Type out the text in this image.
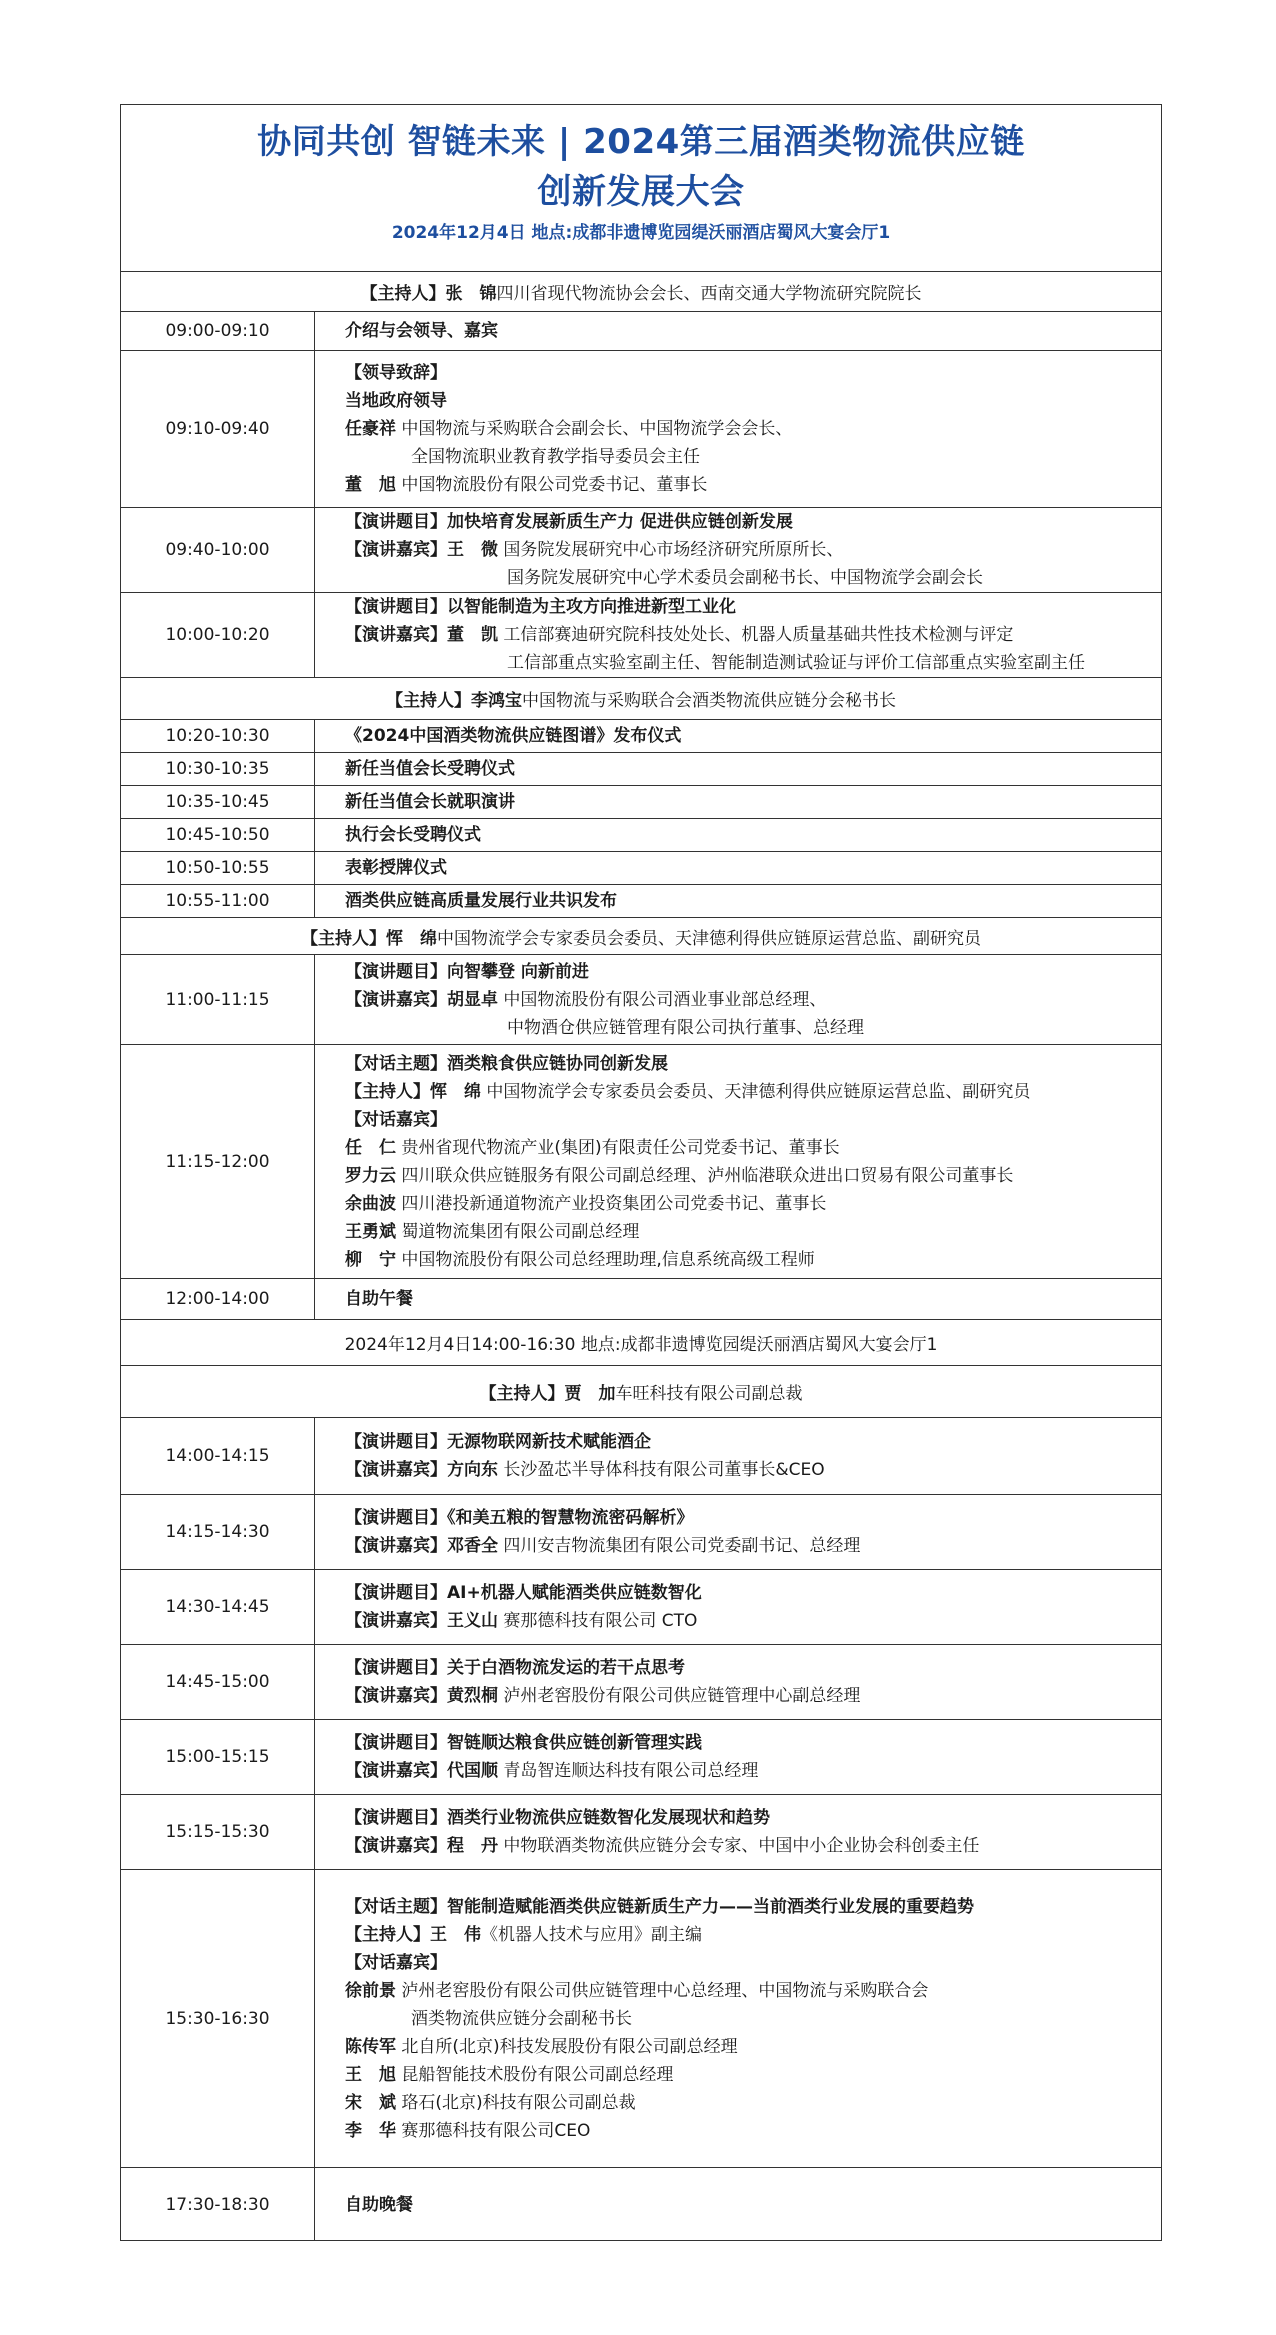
协同共创 智链未来 | 2024第三届酒类物流供应链
创新发展大会
2024年12月4日 地点:成都非遗博览园缇沃丽酒店蜀风大宴会厅1
【主持人】张　锦 四川省现代物流协会会长、西南交通大学物流研究院院长
09:00-09:10	介绍与会领导、嘉宾
09:10-09:40
【领导致辞】
当地政府领导
任豪祥 中国物流与采购联合会副会长、中国物流学会会长、
全国物流职业教育教学指导委员会主任
董　旭 中国物流股份有限公司党委书记、董事长
09:40-10:00
【演讲题目】加快培育发展新质生产力 促进供应链创新发展
【演讲嘉宾】王　微 国务院发展研究中心市场经济研究所原所长、
国务院发展研究中心学术委员会副秘书长、中国物流学会副会长
10:00-10:20
【演讲题目】以智能制造为主攻方向推进新型工业化
【演讲嘉宾】董　凯 工信部赛迪研究院科技处处长、机器人质量基础共性技术检测与评定
工信部重点实验室副主任、智能制造测试验证与评价工信部重点实验室副主任
【主持人】李鸿宝 中国物流与采购联合会酒类物流供应链分会秘书长
10:20-10:30	《2024中国酒类物流供应链图谱》发布仪式
10:30-10:35	新任当值会长受聘仪式
10:35-10:45	新任当值会长就职演讲
10:45-10:50	执行会长受聘仪式
10:50-10:55	表彰授牌仪式
10:55-11:00	酒类供应链高质量发展行业共识发布
【主持人】恽　绵 中国物流学会专家委员会委员、天津德利得供应链原运营总监、副研究员
11:00-11:15
【演讲题目】向智攀登 向新前进
【演讲嘉宾】胡显卓 中国物流股份有限公司酒业事业部总经理、
中物酒仓供应链管理有限公司执行董事、总经理
11:15-12:00
【对话主题】酒类粮食供应链协同创新发展
【主持人】恽　绵 中国物流学会专家委员会委员、天津德利得供应链原运营总监、副研究员
【对话嘉宾】
任　仁 贵州省现代物流产业(集团)有限责任公司党委书记、董事长
罗力云 四川联众供应链服务有限公司副总经理、泸州临港联众进出口贸易有限公司董事长
余曲波 四川港投新通道物流产业投资集团公司党委书记、董事长
王勇斌 蜀道物流集团有限公司副总经理
柳　宁 中国物流股份有限公司总经理助理,信息系统高级工程师
12:00-14:00	自助午餐
2024年12月4日14:00-16:30 地点:成都非遗博览园缇沃丽酒店蜀风大宴会厅1
【主持人】贾　加 车旺科技有限公司副总裁
14:00-14:15
【演讲题目】无源物联网新技术赋能酒企
【演讲嘉宾】方向东 长沙盈芯半导体科技有限公司董事长&CEO
14:15-14:30
【演讲题目】《和美五粮的智慧物流密码解析》
【演讲嘉宾】邓香全 四川安吉物流集团有限公司党委副书记、总经理
14:30-14:45
【演讲题目】AI+机器人赋能酒类供应链数智化
【演讲嘉宾】王义山 赛那德科技有限公司 CTO
14:45-15:00
【演讲题目】关于白酒物流发运的若干点思考
【演讲嘉宾】黄烈桐 泸州老窖股份有限公司供应链管理中心副总经理
15:00-15:15
【演讲题目】智链顺达粮食供应链创新管理实践
【演讲嘉宾】代国顺 青岛智连顺达科技有限公司总经理
15:15-15:30
【演讲题目】酒类行业物流供应链数智化发展现状和趋势
【演讲嘉宾】程　丹 中物联酒类物流供应链分会专家、中国中小企业协会科创委主任
15:30-16:30
【对话主题】智能制造赋能酒类供应链新质生产力——当前酒类行业发展的重要趋势
【主持人】王　伟《机器人技术与应用》副主编
【对话嘉宾】
徐前景 泸州老窖股份有限公司供应链管理中心总经理、中国物流与采购联合会
酒类物流供应链分会副秘书长
陈传军 北自所(北京)科技发展股份有限公司副总经理
王　旭 昆船智能技术股份有限公司副总经理
宋　斌 珞石(北京)科技有限公司副总裁
李　华 赛那德科技有限公司CEO
17:30-18:30	自助晚餐
